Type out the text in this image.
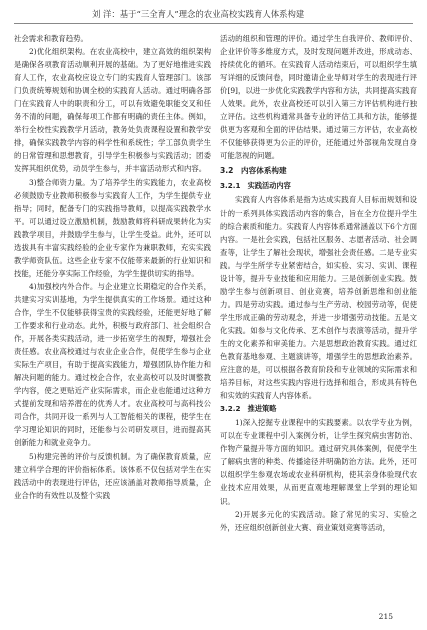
刘 洋：基于“三全育人”理念的农业高校实践育人体系构建

社会需求和教育趋势。

2)优化组织架构。在农业高校中，建立高效的组织架构是确保各项教育活动顺利开展的基础。为了更好地推进实践育人工作，农业高校应设立专门的实践育人管理部门。该部门负责统筹规划和协调全校的实践育人活动。通过明确各部门在实践育人中的职责和分工，可以有效避免职能交叉和任务不清的问题，确保每项工作都有明确的责任主体。例如，举行全校性实践教学月活动，教务处负责课程设置和教学安排，确保实践教学内容的科学性和系统性；学工部负责学生的日常管理和思想教育，引导学生积极参与实践活动；团委发挥其组织优势，动员学生参与，并丰富活动形式和内容。

3)整合师资力量。为了培养学生的实践能力，农业高校必须鼓励专业教师积极参与实践育人工作，为学生提供专业指导；同时，配备专门的实践指导教师，以提高实践教学水平。可以通过设立激励机制，鼓励教师将科研成果转化为实践教学项目，并鼓励学生参与，让学生受益。此外，还可以选拔具有丰富实践经验的企业专家作为兼职教师，充实实践教学师资队伍。这些企业专家不仅能带来最新的行业知识和技能，还能分享实际工作经验，为学生提供切实的指导。

4)加强校内外合作。与企业建立长期稳定的合作关系，共建实习实训基地，为学生提供真实的工作场景。通过这种合作，学生不仅能够获得宝贵的实践经验，还能更好地了解工作要求和行业动态。此外，积极与政府部门、社会组织合作，开展各类实践活动，进一步拓宽学生的视野，增强社会责任感。农业高校通过与农业企业合作，促使学生参与企业实际生产项目，有助于提高实践能力，增强团队协作能力和解决问题的能力。通过校企合作，农业高校可以及时调整教学内容，使之更贴近产业实际需求，而企业也能通过这种方式提前发现和培养潜在的优秀人才。农业高校可与高科技公司合作，共同开设一系列与人工智能相关的课程，使学生在学习理论知识的同时，还能参与公司研发项目，进而提高其创新能力和就业竞争力。

5)构建完善的评价与反馈机制。为了确保教育质量，应建立科学合理的评价指标体系。该体系不仅包括对学生在实践活动中的表现进行评估，还应该涵盖对教师指导质量，企业合作的有效性以及整个实践

活动的组织和管理的评价。通过学生自我评价、教师评价、企业评价等多维度方式，及时发现问题并改进，形成动态、持续优化的循环。在实践育人活动结束后，可以组织学生填写详细的反馈问卷，同时邀请企业导师对学生的表现进行评价[9]，以进一步优化实践教学内容和方法，共同提高实践育人效果。此外，农业高校还可以引入第三方评估机构进行独立评估。这些机构通常具备专业的评估工具和方法，能够提供更为客观和全面的评估结果。通过第三方评估，农业高校不仅能够获得更为公正的评价，还能通过外部视角发现自身可能忽视的问题。

3.2　内容体系构建
3.2.1　实践活动内容

实践育人内容体系是指为达成实践育人目标而规划和设计的一系列具体实践活动内容的集合，旨在全方位提升学生的综合素质和能力。实践育人内容体系通常涵盖以下6个方面内容。一是社会实践，包括社区服务、志愿者活动、社会调查等，让学生了解社会现状，增强社会责任感。二是专业实践。与学生所学专业紧密结合，如实验、实习、实训、课程设计等，提升专业技能和应用能力。三是创新创业实践。鼓励学生参与创新项目、创业竞赛，培养创新思维和创业能力。四是劳动实践。通过参与生产劳动、校园劳动等，促使学生形成正确的劳动观念，并进一步增强劳动技能。五是文化实践。如参与文化传承、艺术创作与表演等活动，提升学生的文化素养和审美能力。六是思想政治教育实践。通过红色教育基地参观、主题演讲等，增强学生的思想政治素养。应注意的是，可以根据各教育阶段和专业领域的实际需求和培养目标，对这些实践内容进行选择和组合，形成具有特色和实效的实践育人内容体系。

3.2.2　推进策略

1)深入挖掘专业课程中的实践要素。以农学专业为例，可以在专业课程中引入案例分析，让学生探究病虫害防治、作物产量提升等方面的知识。通过研究具体案例，促使学生了解病虫害的种类、传播途径并明确防治方法。此外，还可以组织学生参观农场或农业科研机构，使其亲身体验现代农业技术应用效果，从而更直观地理解课堂上学到的理论知识。

2)开展多元化的实践活动。除了常见的实习、实验之外，还应组织创新创业大赛、商业策划竞赛等活动，

215
